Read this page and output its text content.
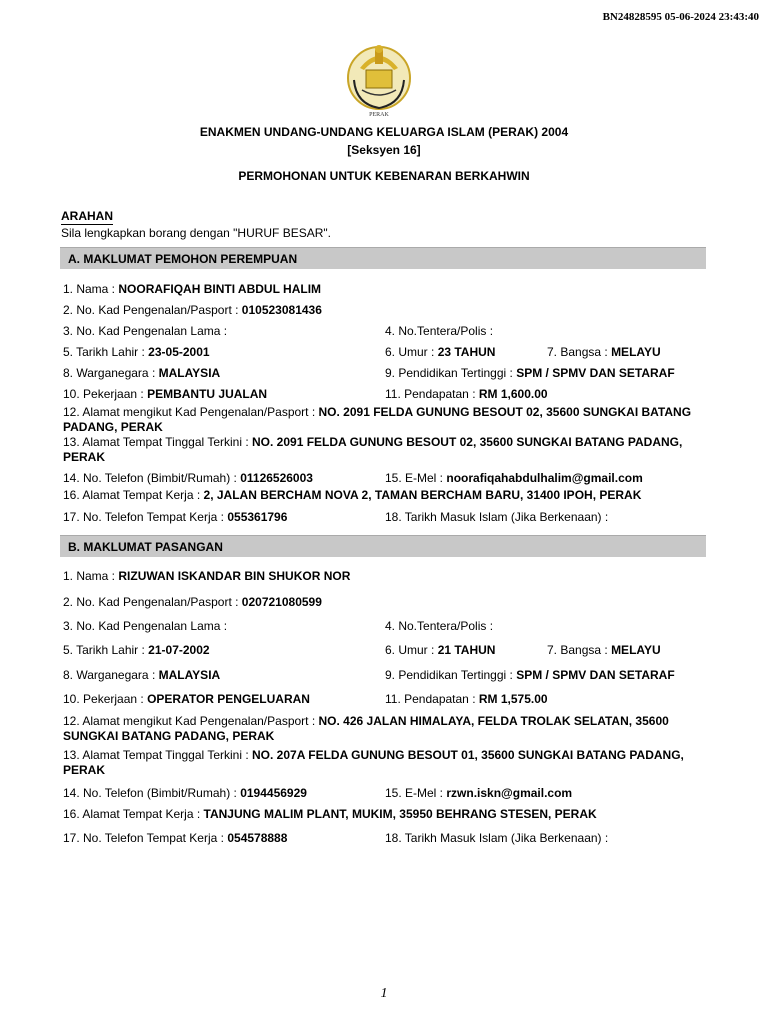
BN24828595 05-06-2024 23:43:40
PERAK
ENAKMEN UNDANG-UNDANG KELUARGA ISLAM (PERAK) 2004
[Seksyen 16]
PERMOHONAN UNTUK KEBENARAN BERKAHWIN
ARAHAN
Sila lengkapkan borang dengan "HURUF BESAR".
A. MAKLUMAT PEMOHON PEREMPUAN
1. Nama : NOORAFIQAH BINTI ABDUL HALIM
2. No. Kad Pengenalan/Pasport : 010523081436
3. No. Kad Pengenalan Lama :	4. No.Tentera/Polis :
5. Tarikh Lahir : 23-05-2001	6. Umur : 23 TAHUN	7. Bangsa : MELAYU
8. Warganegara : MALAYSIA	9. Pendidikan Tertinggi : SPM / SPMV DAN SETARAF
10. Pekerjaan : PEMBANTU JUALAN	11. Pendapatan : RM 1,600.00
12. Alamat mengikut Kad Pengenalan/Pasport : NO. 2091 FELDA GUNUNG BESOUT 02, 35600 SUNGKAI BATANG PADANG, PERAK
13. Alamat Tempat Tinggal Terkini : NO. 2091 FELDA GUNUNG BESOUT 02, 35600 SUNGKAI BATANG PADANG, PERAK
14. No. Telefon (Bimbit/Rumah) : 01126526003	15. E-Mel : noorafiqahabdulhalim@gmail.com
16. Alamat Tempat Kerja : 2, JALAN BERCHAM NOVA 2, TAMAN BERCHAM BARU, 31400 IPOH, PERAK
17. No. Telefon Tempat Kerja : 055361796	18. Tarikh Masuk Islam (Jika Berkenaan) :
B. MAKLUMAT PASANGAN
1. Nama : RIZUWAN ISKANDAR BIN SHUKOR NOR
2. No. Kad Pengenalan/Pasport : 020721080599
3. No. Kad Pengenalan Lama :	4. No.Tentera/Polis :
5. Tarikh Lahir : 21-07-2002	6. Umur : 21 TAHUN	7. Bangsa : MELAYU
8. Warganegara : MALAYSIA	9. Pendidikan Tertinggi : SPM / SPMV DAN SETARAF
10. Pekerjaan : OPERATOR PENGELUARAN	11. Pendapatan : RM 1,575.00
12. Alamat mengikut Kad Pengenalan/Pasport : NO. 426 JALAN HIMALAYA, FELDA TROLAK SELATAN, 35600 SUNGKAI BATANG PADANG, PERAK
13. Alamat Tempat Tinggal Terkini : NO. 207A FELDA GUNUNG BESOUT 01, 35600 SUNGKAI BATANG PADANG, PERAK
14. No. Telefon (Bimbit/Rumah) : 0194456929	15. E-Mel : rzwn.iskn@gmail.com
16. Alamat Tempat Kerja : TANJUNG MALIM PLANT, MUKIM, 35950 BEHRANG STESEN, PERAK
17. No. Telefon Tempat Kerja : 054578888	18. Tarikh Masuk Islam (Jika Berkenaan) :
1
